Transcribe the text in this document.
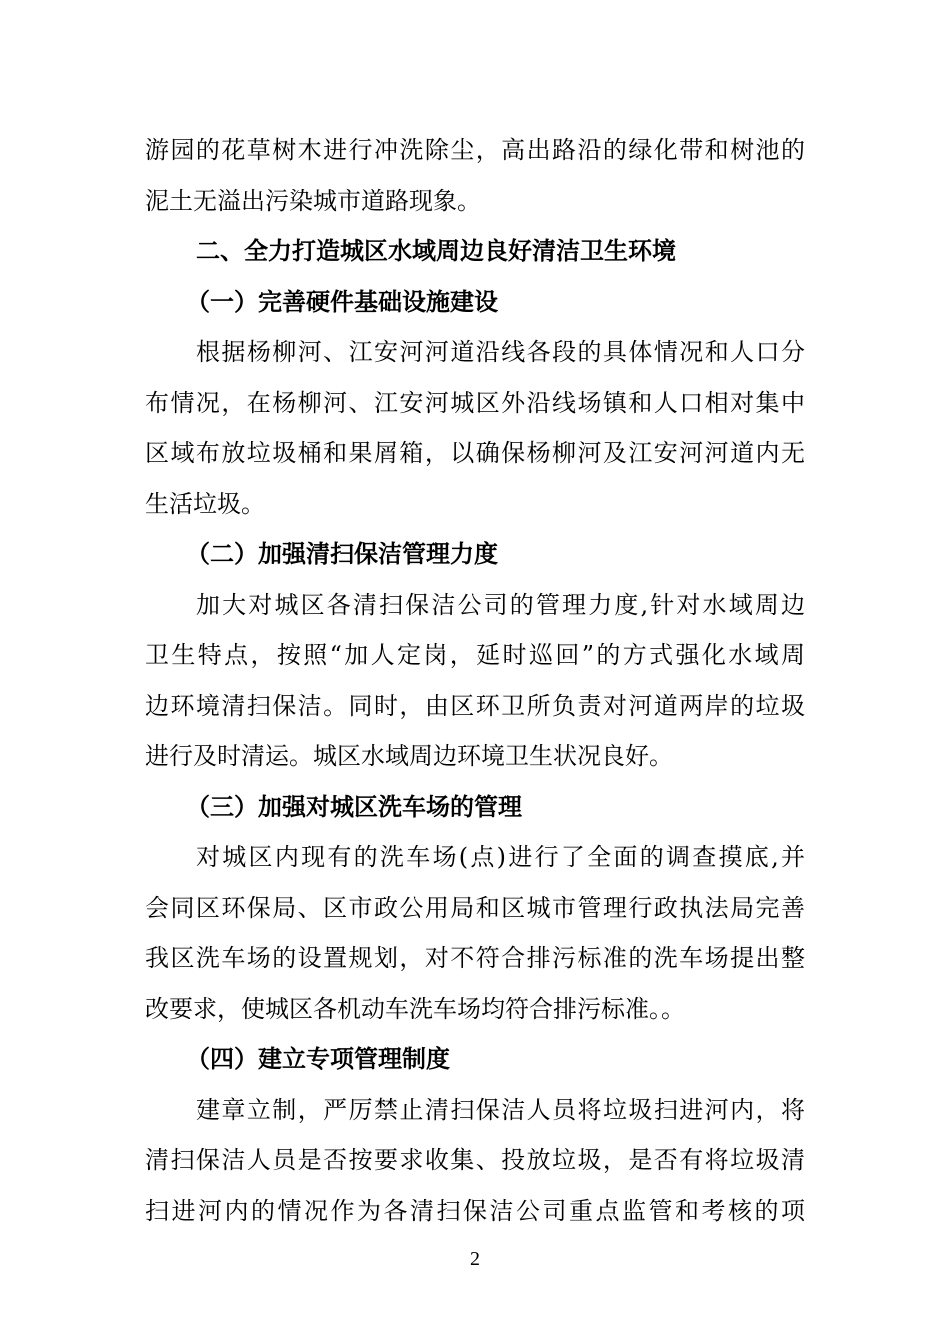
游园的花草树木进行冲洗除尘，高出路沿的绿化带和树池的
泥土无溢出污染城市道路现象。
二、全力打造城区水域周边良好清洁卫生环境
（一）完善硬件基础设施建设
根据杨柳河、江安河河道沿线各段的具体情况和人口分
布情况，在杨柳河、江安河城区外沿线场镇和人口相对集中
区域布放垃圾桶和果屑箱，以确保杨柳河及江安河河道内无
生活垃圾。
（二）加强清扫保洁管理力度
加大对城区各清扫保洁公司的管理力度,针对水域周边
卫生特点，按照“加人定岗，延时巡回”的方式强化水域周
边环境清扫保洁。同时，由区环卫所负责对河道两岸的垃圾
进行及时清运。城区水域周边环境卫生状况良好。
（三）加强对城区洗车场的管理
对城区内现有的洗车场(点)进行了全面的调查摸底,并
会同区环保局、区市政公用局和区城市管理行政执法局完善
我区洗车场的设置规划，对不符合排污标准的洗车场提出整
改要求，使城区各机动车洗车场均符合排污标准。。
（四）建立专项管理制度
建章立制，严厉禁止清扫保洁人员将垃圾扫进河内，将
清扫保洁人员是否按要求收集、投放垃圾，是否有将垃圾清
扫进河内的情况作为各清扫保洁公司重点监管和考核的项
2
